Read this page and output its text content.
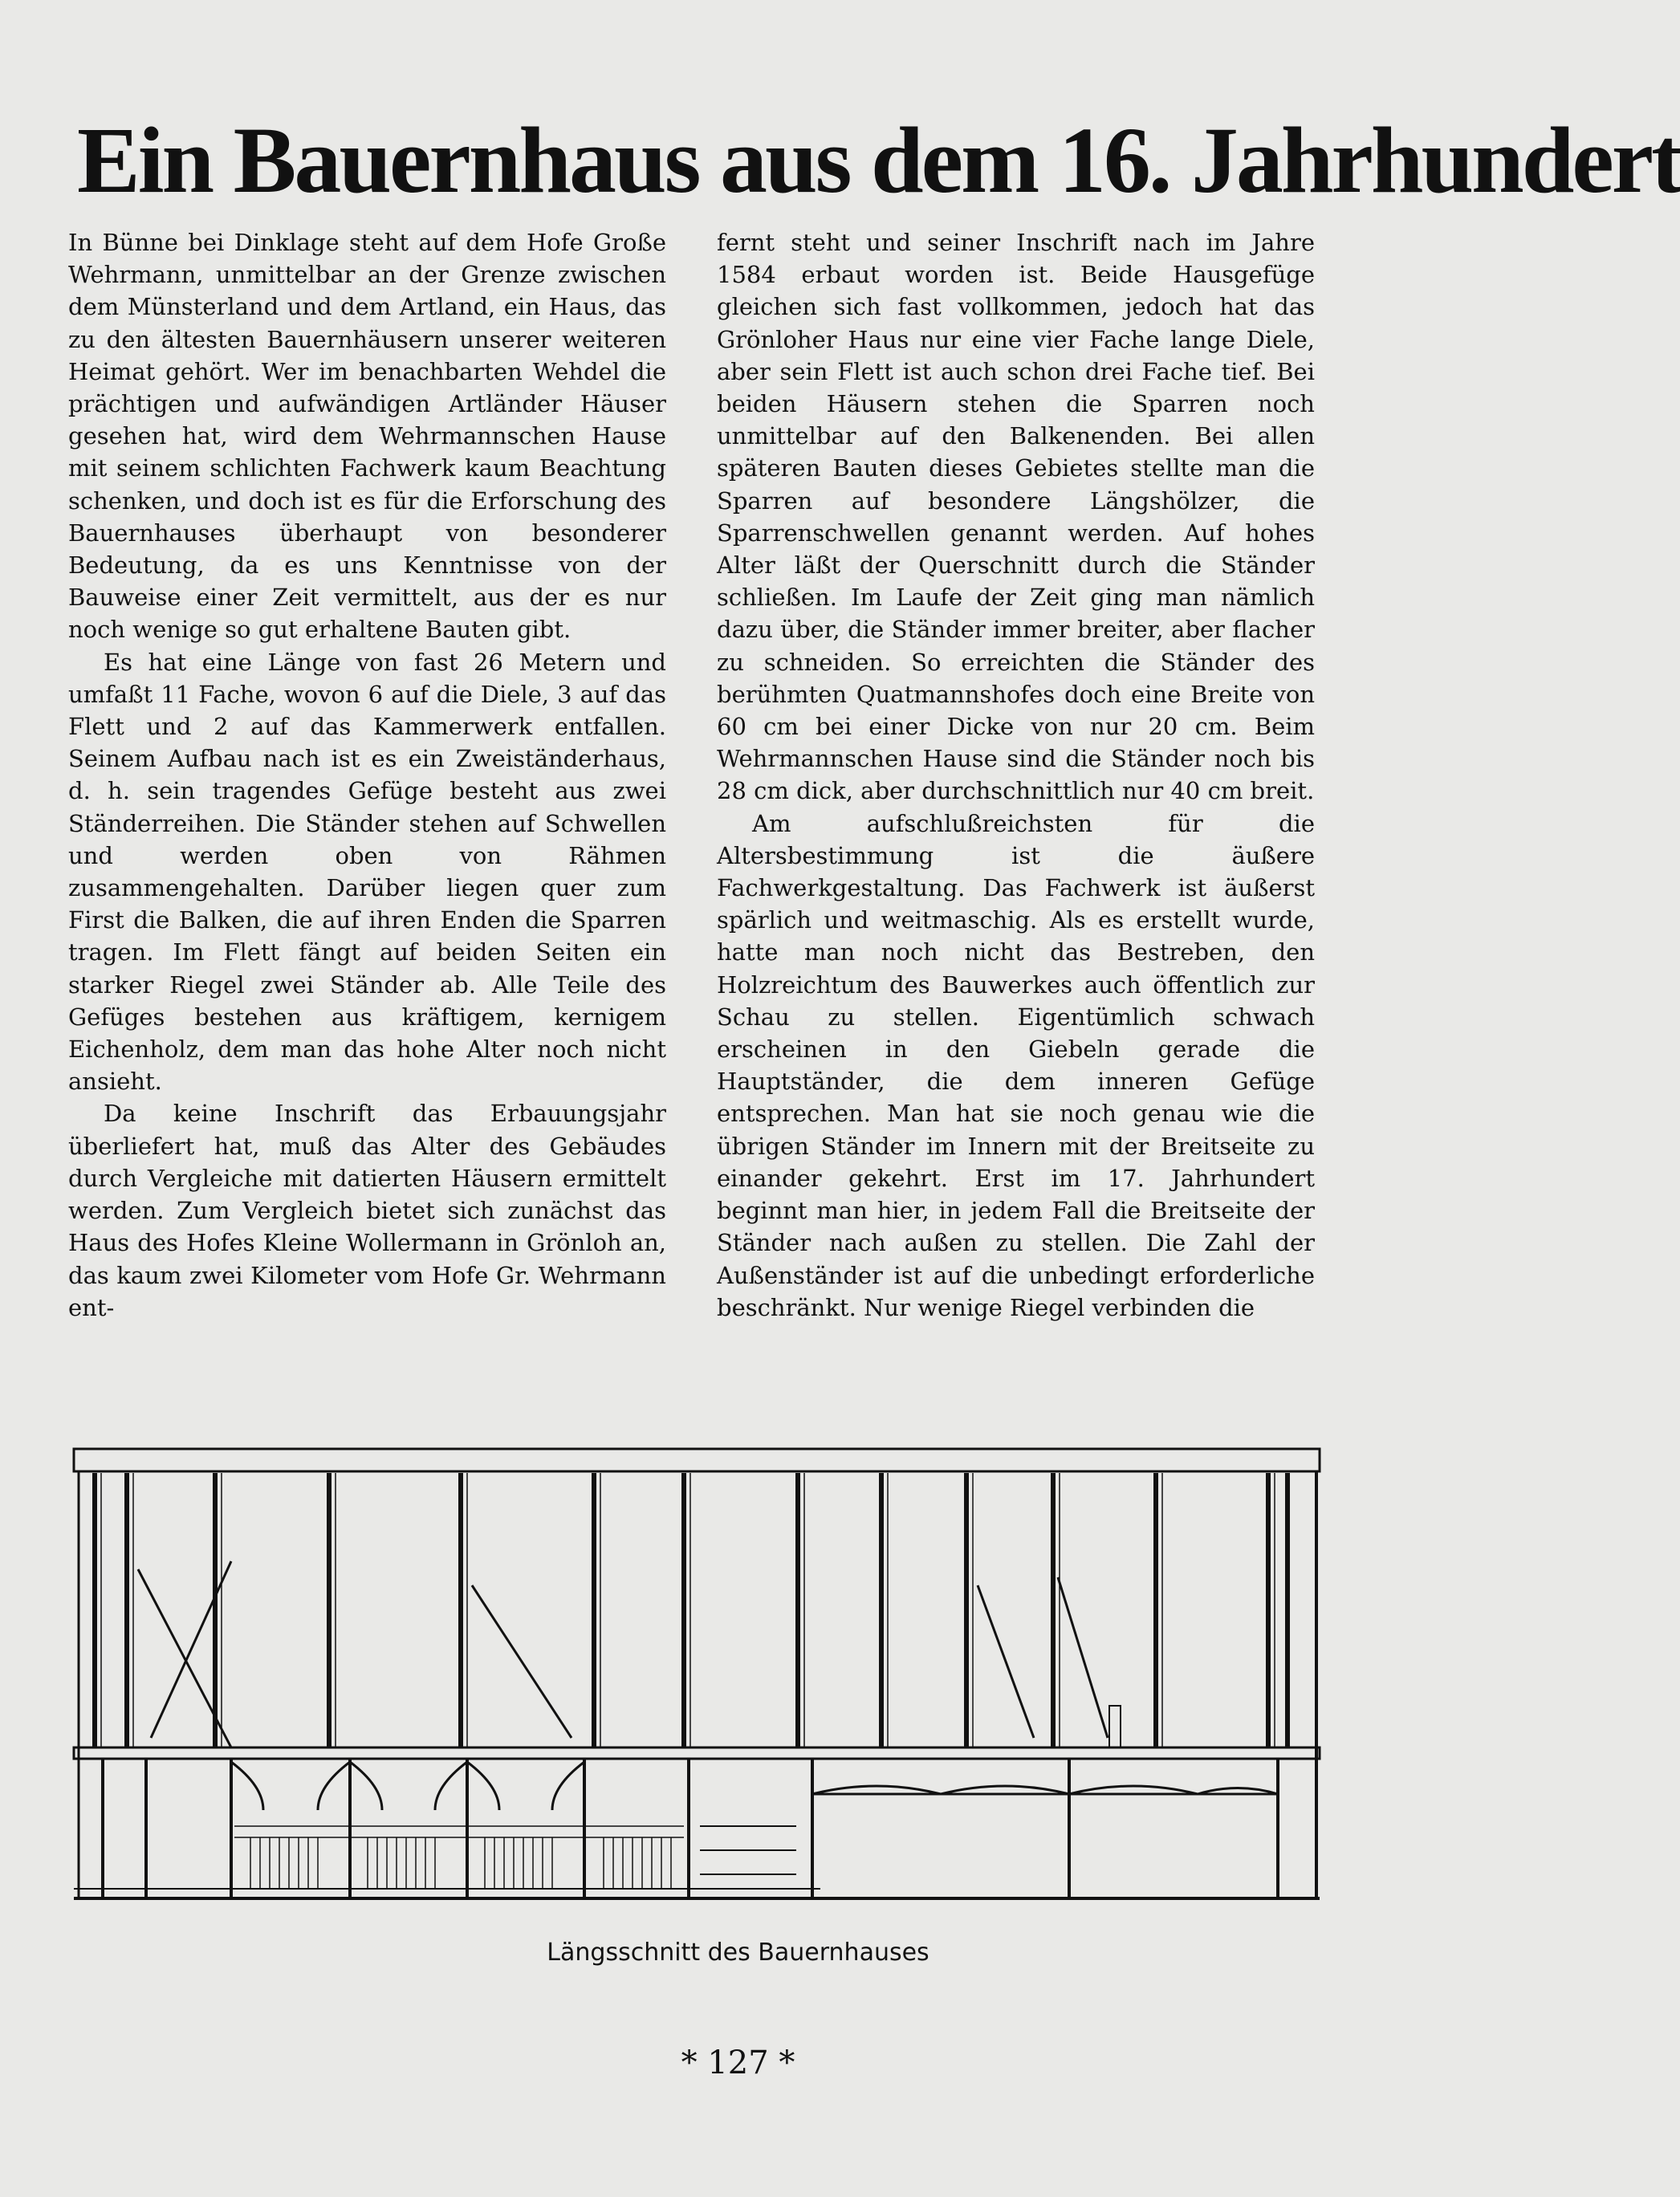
Ein Bauernhaus aus dem 16. Jahrhundert

In Bünne bei Dinklage steht auf dem Hofe Große Wehrmann, unmittelbar an der Grenze zwischen dem Münsterland und dem Artland, ein Haus, das zu den ältesten Bauernhäusern unserer weiteren Heimat gehört. Wer im benachbarten Wehdel die prächtigen und aufwändigen Artländer Häuser gesehen hat, wird dem Wehrmannschen Hause mit seinem schlichten Fachwerk kaum Beachtung schenken, und doch ist es für die Erforschung des Bauernhauses überhaupt von besonderer Bedeutung, da es uns Kenntnisse von der Bauweise einer Zeit vermittelt, aus der es nur noch wenige so gut erhaltene Bauten gibt.

Es hat eine Länge von fast 26 Metern und umfaßt 11 Fache, wovon 6 auf die Diele, 3 auf das Flett und 2 auf das Kammerwerk entfallen. Seinem Aufbau nach ist es ein Zweiständerhaus, d. h. sein tragendes Gefüge besteht aus zwei Ständerreihen. Die Ständer stehen auf Schwellen und werden oben von Rähmen zusammengehalten. Darüber liegen quer zum First die Balken, die auf ihren Enden die Sparren tragen. Im Flett fängt auf beiden Seiten ein starker Riegel zwei Ständer ab. Alle Teile des Gefüges bestehen aus kräftigem, kernigem Eichenholz, dem man das hohe Alter noch nicht ansieht.

Da keine Inschrift das Erbauungsjahr überliefert hat, muß das Alter des Gebäudes durch Vergleiche mit datierten Häusern ermittelt werden. Zum Vergleich bietet sich zunächst das Haus des Hofes Kleine Wollermann in Grönloh an, das kaum zwei Kilometer vom Hofe Gr. Wehrmann ent-

fernt steht und seiner Inschrift nach im Jahre 1584 erbaut worden ist. Beide Hausgefüge gleichen sich fast vollkommen, jedoch hat das Grönloher Haus nur eine vier Fache lange Diele, aber sein Flett ist auch schon drei Fache tief. Bei beiden Häusern stehen die Sparren noch unmittelbar auf den Balkenenden. Bei allen späteren Bauten dieses Gebietes stellte man die Sparren auf besondere Längshölzer, die Sparrenschwellen genannt werden. Auf hohes Alter läßt der Querschnitt durch die Ständer schließen. Im Laufe der Zeit ging man nämlich dazu über, die Ständer immer breiter, aber flacher zu schneiden. So erreichten die Ständer des berühmten Quatmannshofes doch eine Breite von 60 cm bei einer Dicke von nur 20 cm. Beim Wehrmannschen Hause sind die Ständer noch bis 28 cm dick, aber durchschnittlich nur 40 cm breit.

Am aufschlußreichsten für die Altersbestimmung ist die äußere Fachwerkgestaltung. Das Fachwerk ist äußerst spärlich und weitmaschig. Als es erstellt wurde, hatte man noch nicht das Bestreben, den Holzreichtum des Bauwerkes auch öffentlich zur Schau zu stellen. Eigentümlich schwach erscheinen in den Giebeln gerade die Hauptständer, die dem inneren Gefüge entsprechen. Man hat sie noch genau wie die übrigen Ständer im Innern mit der Breitseite zu einander gekehrt. Erst im 17. Jahrhundert beginnt man hier, in jedem Fall die Breitseite der Ständer nach außen zu stellen. Die Zahl der Außenständer ist auf die unbedingt erforderliche beschränkt. Nur wenige Riegel verbinden die

Längsschnitt des Bauernhauses
* 127 *
